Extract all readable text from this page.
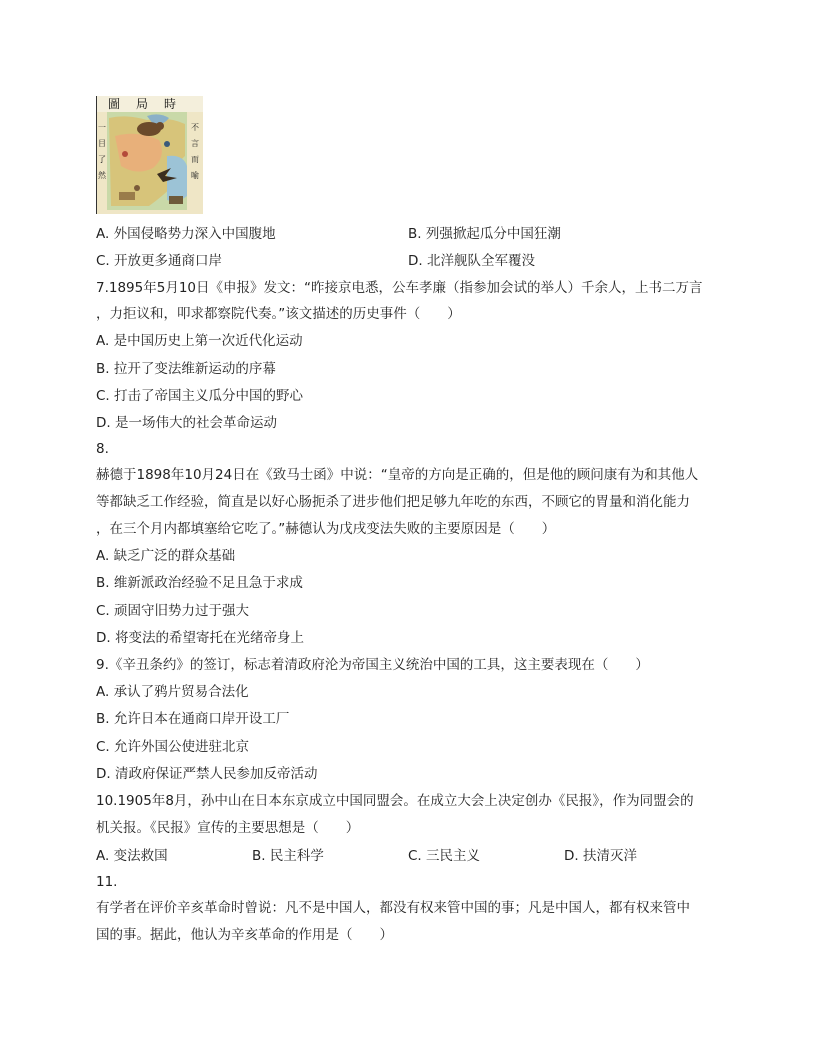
圖局時
一目了然
不言而喻
A. 外国侵略势力深入中国腹地	B. 列强掀起瓜分中国狂潮
C. 开放更多通商口岸	D. 北洋舰队全军覆没
7.1895年5月10日《申报》发文：“昨接京电悉，公车孝廉（指参加会试的举人）千余人，上书二万言
，力拒议和，叩求都察院代奏。”该文描述的历史事件（　　）
A. 是中国历史上第一次近代化运动
B. 拉开了变法维新运动的序幕
C. 打击了帝国主义瓜分中国的野心
D. 是一场伟大的社会革命运动
8.
赫德于1898年10月24日在《致马士函》中说：“皇帝的方向是正确的，但是他的顾问康有为和其他人
等都缺乏工作经验，简直是以好心肠扼杀了进步他们把足够九年吃的东西，不顾它的胃量和消化能力
，在三个月内都填塞给它吃了。”赫德认为戊戌变法失败的主要原因是（　　）
A. 缺乏广泛的群众基础
B. 维新派政治经验不足且急于求成
C. 顽固守旧势力过于强大
D. 将变法的希望寄托在光绪帝身上
9.《辛丑条约》的签订，标志着清政府沦为帝国主义统治中国的工具，这主要表现在（　　）
A. 承认了鸦片贸易合法化
B. 允许日本在通商口岸开设工厂
C. 允许外国公使进驻北京
D. 清政府保证严禁人民参加反帝活动
10.1905年8月，孙中山在日本东京成立中国同盟会。在成立大会上决定创办《民报》，作为同盟会的
机关报。《民报》宣传的主要思想是（　　）
A. 变法救国	B. 民主科学	C. 三民主义	D. 扶清灭洋
11.
有学者在评价辛亥革命时曾说：凡不是中国人，都没有权来管中国的事；凡是中国人，都有权来管中
国的事。据此，他认为辛亥革命的作用是（　　）
